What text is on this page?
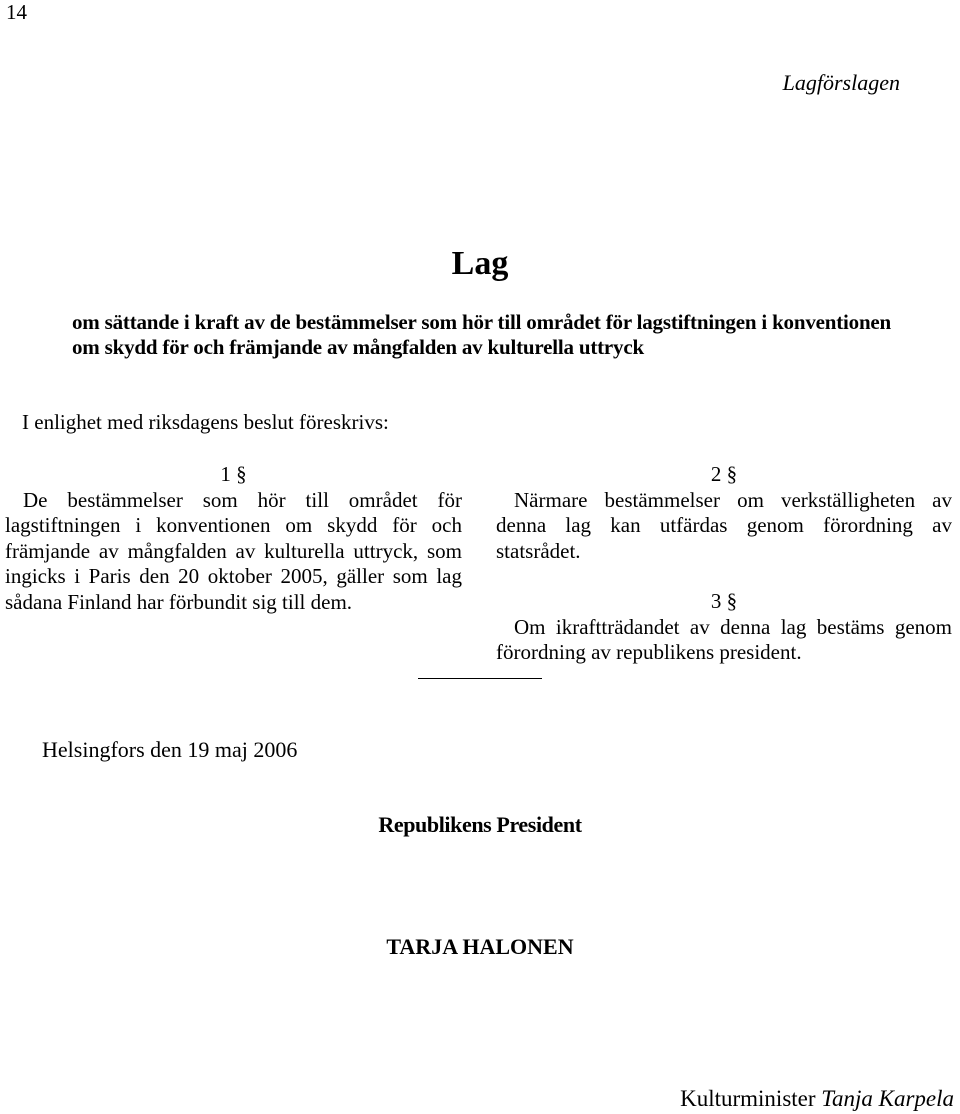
14
Lagförslagen
Lag
om sättande i kraft av de bestämmelser som hör till området för lagstiftningen i konventionen om skydd för och främjande av mångfalden av kulturella uttryck
I enlighet med riksdagens beslut föreskrivs:
1 §

De bestämmelser som hör till området för lagstiftningen i konventionen om skydd för och främjande av mångfalden av kulturella uttryck, som ingicks i Paris den 20 oktober 2005, gäller som lag sådana Finland har förbundit sig till dem.

2 §

Närmare bestämmelser om verkställigheten av denna lag kan utfärdas genom förordning av statsrådet.

3 §

Om ikraftträdandet av denna lag bestäms genom förordning av republikens president.

Helsingfors den 19 maj 2006
Republikens President
TARJA HALONEN
Kulturminister Tanja Karpela
